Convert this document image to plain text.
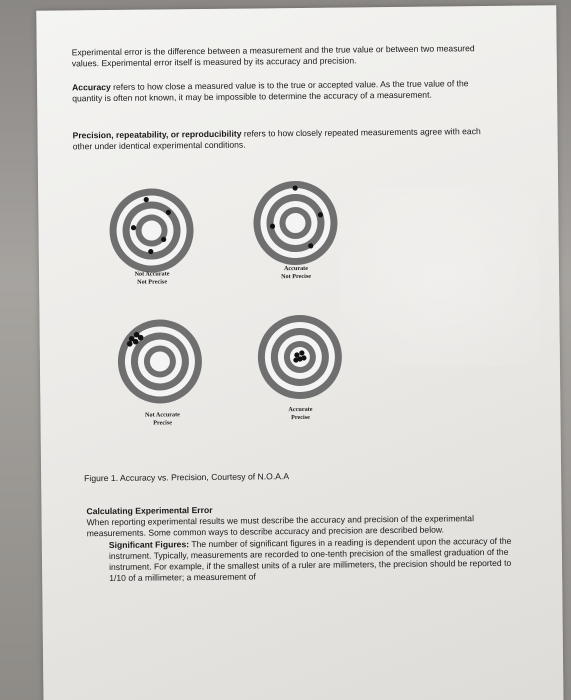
Experimental error is the difference between a measurement and the true value or between two measured values. Experimental error itself is measured by its accuracy and precision.
Accuracy refers to how close a measured value is to the true or accepted value. As the true value of the quantity is often not known, it may be impossible to determine the accuracy of a measurement.
Precision, repeatability, or reproducibility refers to how closely repeated measurements agree with each other under identical experimental conditions.
Not Accurate
Not Precise
Accurate
Not Precise
Not Accurate
Precise
Accurate
Precise
Figure 1. Accuracy vs. Precision, Courtesy of N.O.A.A
Calculating Experimental Error
When reporting experimental results we must describe the accuracy and precision of the experimental measurements. Some common ways to describe accuracy and precision are described below.
Significant Figures: The number of significant figures in a reading is dependent upon the accuracy of the instrument. Typically, measurements are recorded to one-tenth precision of the smallest graduation of the instrument. For example, if the smallest units of a ruler are millimeters, the precision should be reported to 1/10 of a millimeter; a measurement of
